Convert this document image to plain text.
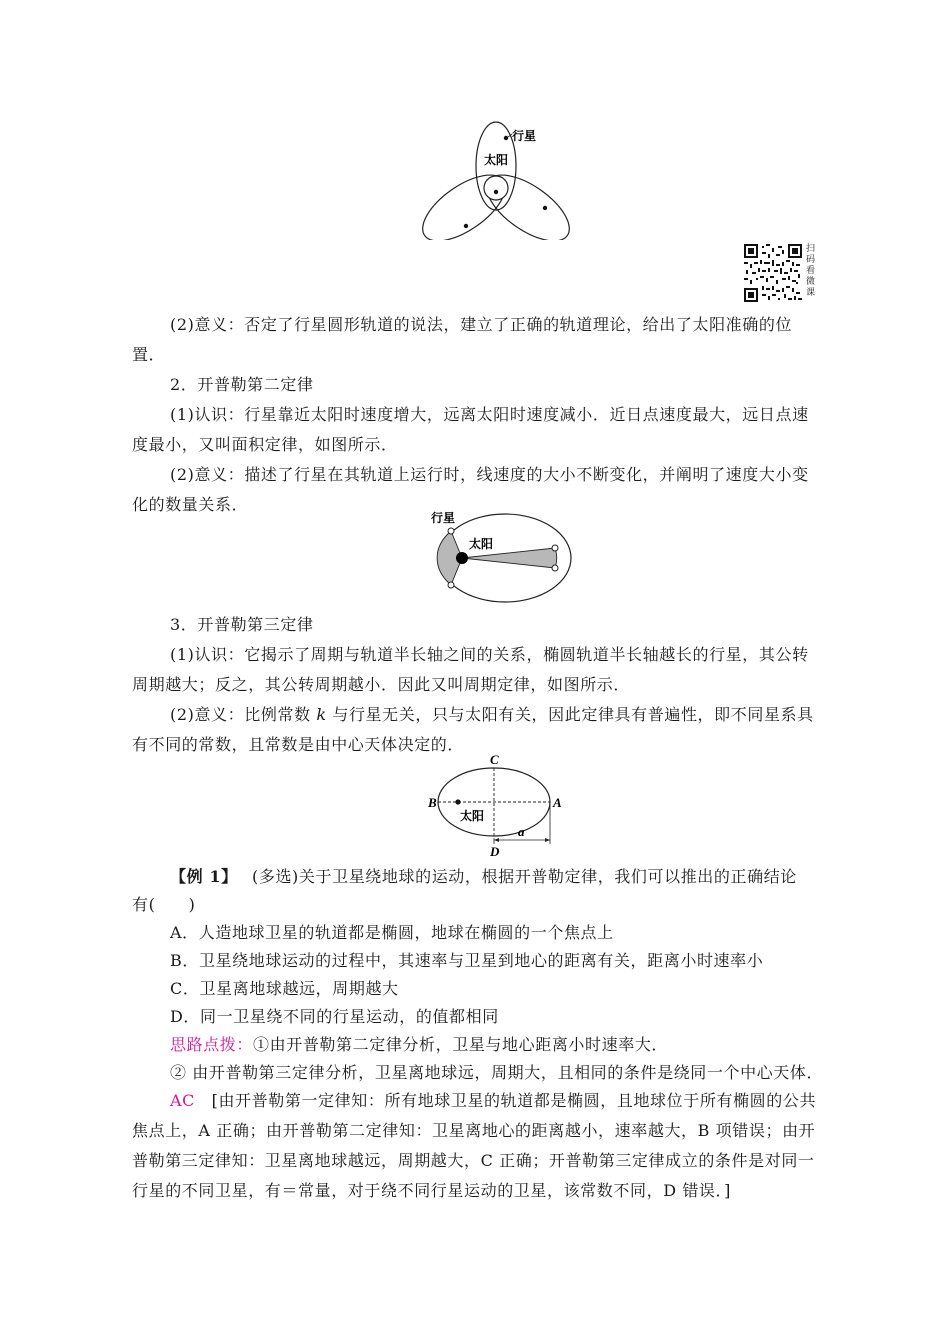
行星
太阳
扫
码
看
微
课
(2)意义：否定了行星圆形轨道的说法，建立了正确的轨道理论，给出了太阳准确的位置．
2．开普勒第二定律
(1)认识：行星靠近太阳时速度增大，远离太阳时速度减小．近日点速度最大，远日点速度最小，又叫面积定律，如图所示．
(2)意义：描述了行星在其轨道上运行时，线速度的大小不断变化，并阐明了速度大小变化的数量关系．
行星
太阳
3．开普勒第三定律
(1)认识：它揭示了周期与轨道半长轴之间的关系，椭圆轨道半长轴越长的行星，其公转周期越大；反之，其公转周期越小．因此又叫周期定律，如图所示．
(2)意义：比例常数 k 与行星无关，只与太阳有关，因此定律具有普遍性，即不同星系具有不同的常数，且常数是由中心天体决定的．
C
B	A
D
a
太阳
【例 1】　 (多选)关于卫星绕地球的运动，根据开普勒定律，我们可以推出的正确结论
有(　　)
A．人造地球卫星的轨道都是椭圆，地球在椭圆的一个焦点上
B．卫星绕地球运动的过程中，其速率与卫星到地心的距离有关，距离小时速率小
C．卫星离地球越远，周期越大
D．同一卫星绕不同的行星运动，的值都相同
思路点拨：①由开普勒第二定律分析，卫星与地心距离小时速率大．
② 由开普勒第三定律分析，卫星离地球远，周期大，且相同的条件是绕同一个中心天体．
AC　 [由开普勒第一定律知：所有地球卫星的轨道都是椭圆，且地球位于所有椭圆的公共焦点上，A 正确；由开普勒第二定律知：卫星离地心的距离越小，速率越大，B 项错误；由开普勒第三定律知：卫星离地球越远，周期越大，C 正确；开普勒第三定律成立的条件是对同一行星的不同卫星，有＝常量，对于绕不同行星运动的卫星，该常数不同，D 错误．]
